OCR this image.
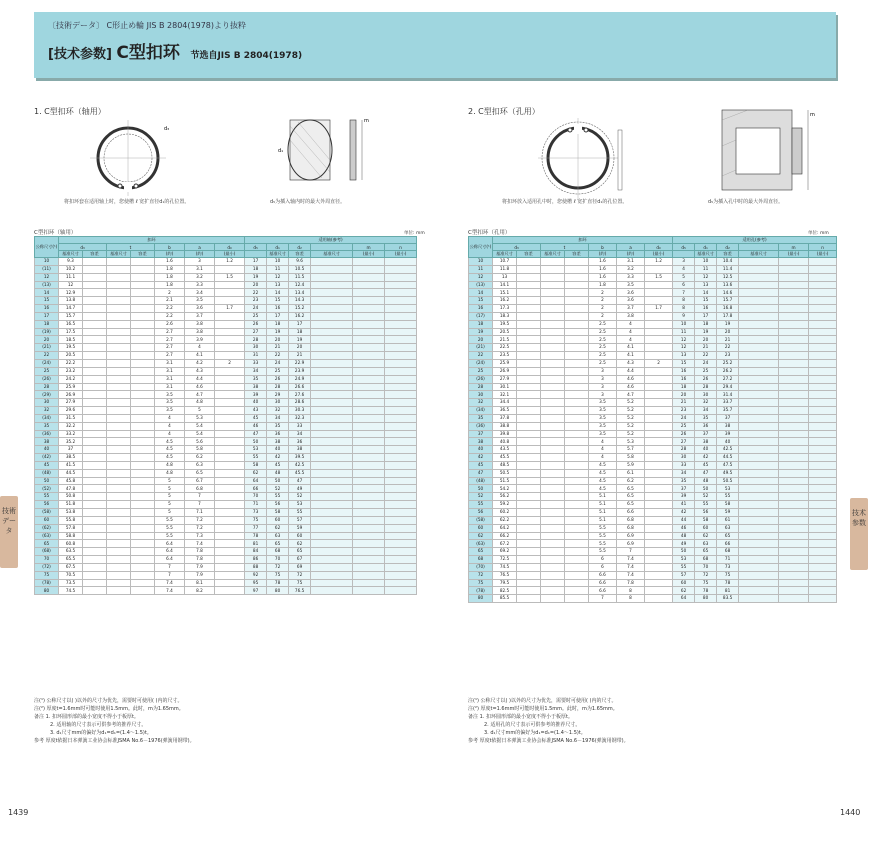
〔技術データ〕 C形止め輪 JIS B 2804(1978)より抜粋
[技术参数] C型扣环 节选自JIS B 2804(1978)
1. C型扣环（轴用）
d₃
m
d₁
将扣环套在适用轴上时，您使槽 ℓ 宽扩直径d₁的孔位置。	d₅为插入轴内时的最大外周直径。
C型扣环（轴用）	单位: mm
公称尺寸(¹)	扣环							适用轴(参考)					
	d₃		t		b	a	d₀	d₅	d₁	d₂		m	n
	基准尺寸	容差	基准尺寸	容差	(约)	(约)	(最小)		基准尺寸	容差	基准尺寸	(最小)	(最小)
10	9.3				1.6	3	1.2	17	10	9.6			
(11)	10.2				1.8	3.1		18	11	10.5			
12	11.1				1.8	3.2	1.5	19	12	11.5			
(13)	12				1.8	3.3		20	13	12.4			
14	12.9				2	3.4		22	14	13.4			
15	13.8				2.1	3.5		23	15	14.3			
16	14.7				2.2	3.6	1.7	24	16	15.2			
17	15.7				2.2	3.7		25	17	16.2			
18	16.5				2.6	3.8		26	18	17			
(19)	17.5				2.7	3.8		27	19	18			
20	18.5				2.7	3.9		28	20	19			
(21)	19.5				2.7	4		30	21	20			
22	20.5				2.7	4.1		31	22	21			
(24)	22.2				3.1	4.2	2	33	24	22.9			
25	23.2				3.1	4.3		34	25	23.9			
(26)	24.2				3.1	4.4		35	26	24.9			
28	25.9				3.1	4.6		38	28	26.6			
(29)	26.9				3.5	4.7		39	29	27.6			
30	27.9				3.5	4.8		40	30	28.6			
32	29.6				3.5	5		43	32	30.3			
(34)	31.5				4	5.3		45	34	32.3			
35	32.2				4	5.4		46	35	33			
(36)	33.2				4	5.4		47	36	34			
38	35.2				4.5	5.6		50	38	36			
40	37				4.5	5.8		53	40	38			
(42)	38.5				4.5	6.2		55	42	39.5			
45	41.5				4.8	6.3		58	45	42.5			
(48)	44.5				4.8	6.5		62	48	45.5			
50	45.8				5	6.7		64	50	47			
(52)	47.8				5	6.8		66	52	49			
55	50.8				5	7		70	55	52			
56	51.8				5	7		71	56	53			
(58)	53.8				5	7.1		73	58	55			
60	55.8				5.5	7.2		75	60	57			
(62)	57.8				5.5	7.2		77	62	59			
(63)	58.8				5.5	7.3		78	63	60			
65	60.8				6.4	7.4		81	65	62			
(68)	63.5				6.4	7.8		84	68	65			
70	65.5				6.4	7.8		86	70	67			
(72)	67.5				7	7.9		88	72	69			
75	70.5				7	7.9		92	75	72			
(78)	73.5				7.4	8.1		95	78	75			
80	74.5				7.4	8.2		97	80	76.5			
注(¹) 公称尺寸以( )以外的尺寸为优先，需要时可使用( )内的尺寸。
注(²) 厚度t=1.6mm时可能时使用1.5mm。此时，m为1.65mm。
备注 1. 扣环圆形部的最小宽度不得小于板厚t。
2. 适用轴的尺寸表示可供参考的推荐尺寸。
3. d₁尺寸mm的偏好为d₁=d₁=(1.4～1.5)t。
参考 厚度t依据日本弹簧工业协会标准JSMA No.6－1976(弹簧用钢带)。
技術データ
1439
2. C型扣环（孔用）	m
将扣环放入适用孔中时，您使槽 ℓ 宽扩直径d₁的孔位置。	d₅为插入孔中时的最大外周直径。
C型扣环（孔用）	单位: mm
公称尺寸(¹)	扣环							适用孔(参考)					
	d₃		t		b	a	d₀	d₅	d₁	d₂		m	n
	基准尺寸	容差	基准尺寸	容差	(约)	(约)	(最小)		基准尺寸	容差	基准尺寸	(最小)	(最小)
10	10.7				1.6	3.1	1.2	3	10	10.4			
11	11.8				1.6	3.2		4	11	11.4			
12	13				1.6	3.3	1.5	5	12	12.5			
(13)	14.1				1.8	3.5		6	13	13.6			
14	15.1				2	3.6		7	14	14.6			
15	16.2				2	3.6		8	15	15.7			
16	17.3				2	3.7	1.7	8	16	16.8			
(17)	18.3				2	3.8		9	17	17.8			
18	19.5				2.5	4		10	18	19			
19	20.5				2.5	4		11	19	20			
20	21.5				2.5	4		12	20	21			
(21)	22.5				2.5	4.1		12	21	22			
22	23.5				2.5	4.1		13	22	23			
(24)	25.9				2.5	4.3	2	15	24	25.2			
25	26.9				3	4.4		16	25	26.2			
(26)	27.9				3	4.6		16	26	27.2			
28	30.1				3	4.6		18	28	29.4			
30	32.1				3	4.7		20	30	31.4			
32	34.4				3.5	5.2		21	32	33.7			
(34)	36.5				3.5	5.2		23	34	35.7			
35	37.8				3.5	5.2		24	35	37			
(36)	38.8				3.5	5.2		25	36	38			
37	39.8				3.5	5.2		26	37	39			
38	40.8				4	5.3		27	38	40			
40	43.5				4	5.7		28	40	42.5			
42	45.5				4	5.8		30	42	44.5			
45	48.5				4.5	5.9		33	45	47.5			
47	50.5				4.5	6.1		34	47	49.5			
(48)	51.5				4.5	6.2		35	48	50.5			
50	54.2				4.5	6.5		37	50	53			
52	56.2				5.1	6.5		39	52	55			
55	59.2				5.1	6.5		41	55	58			
56	60.2				5.1	6.6		42	56	59			
(58)	62.2				5.1	6.8		44	58	61			
60	64.2				5.5	6.8		46	60	63			
62	66.2				5.5	6.9		48	62	65			
(63)	67.2				5.5	6.9		49	63	66			
65	69.2				5.5	7		50	65	68			
68	72.5				6	7.4		53	68	71			
(70)	74.5				6	7.4		55	70	73			
72	76.5				6.6	7.4		57	72	75			
75	79.5				6.6	7.8		60	75	78			
(78)	82.5				6.6	8		62	78	81			
80	85.5				7	8		64	80	83.5			
注(¹) 公称尺寸以( )以外的尺寸为优先，需要时可使用( )内的尺寸。
注(²) 厚度t=1.6mm时可能时使用1.5mm。此时，m为1.65mm。
备注 1. 扣环圆形部的最小宽度不得小于板厚t。
2. 适用孔的尺寸表示可供参考的推荐尺寸。
3. d₁尺寸mm的偏好为d₁=d₁=(1.4～1.5)t。
参考 厚度t依据日本弹簧工业协会标准JSMA No.6－1976(弹簧用钢带)。
技术参数
1440
